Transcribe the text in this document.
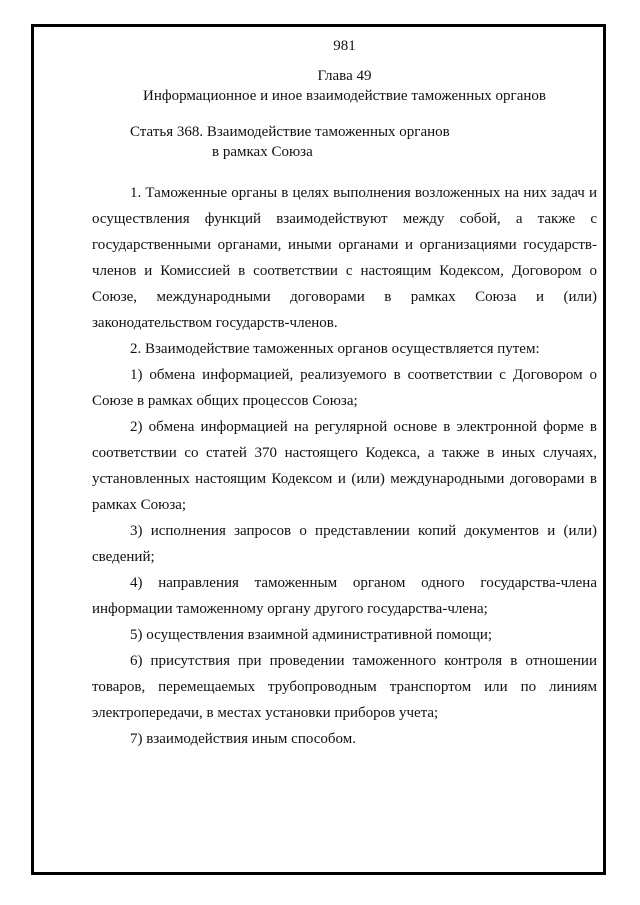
981

Глава 49

Информационное и иное взаимодействие таможенных органов

Статья 368. Взаимодействие таможенных органов
в рамках Союза

1. Таможенные органы в целях выполнения возложенных на них задач и осуществления функций взаимодействуют между собой, а также с государственными органами, иными органами и организациями государств-членов и Комиссией в соответствии с настоящим Кодексом, Договором о Союзе, международными договорами в рамках Союза и (или) законодательством государств-членов.

2. Взаимодействие таможенных органов осуществляется путем:

1) обмена информацией, реализуемого в соответствии с Договором о Союзе в рамках общих процессов Союза;

2) обмена информацией на регулярной основе в электронной форме в соответствии со статей 370 настоящего Кодекса, а также в иных случаях, установленных настоящим Кодексом и (или) международными договорами в рамках Союза;

3) исполнения запросов о представлении копий документов и (или) сведений;

4) направления таможенным органом одного государства-члена информации таможенному органу другого государства-члена;

5) осуществления взаимной административной помощи;

6) присутствия при проведении таможенного контроля в отношении товаров, перемещаемых трубопроводным транспортом или по линиям электропередачи, в местах установки приборов учета;

7) взаимодействия иным способом.
